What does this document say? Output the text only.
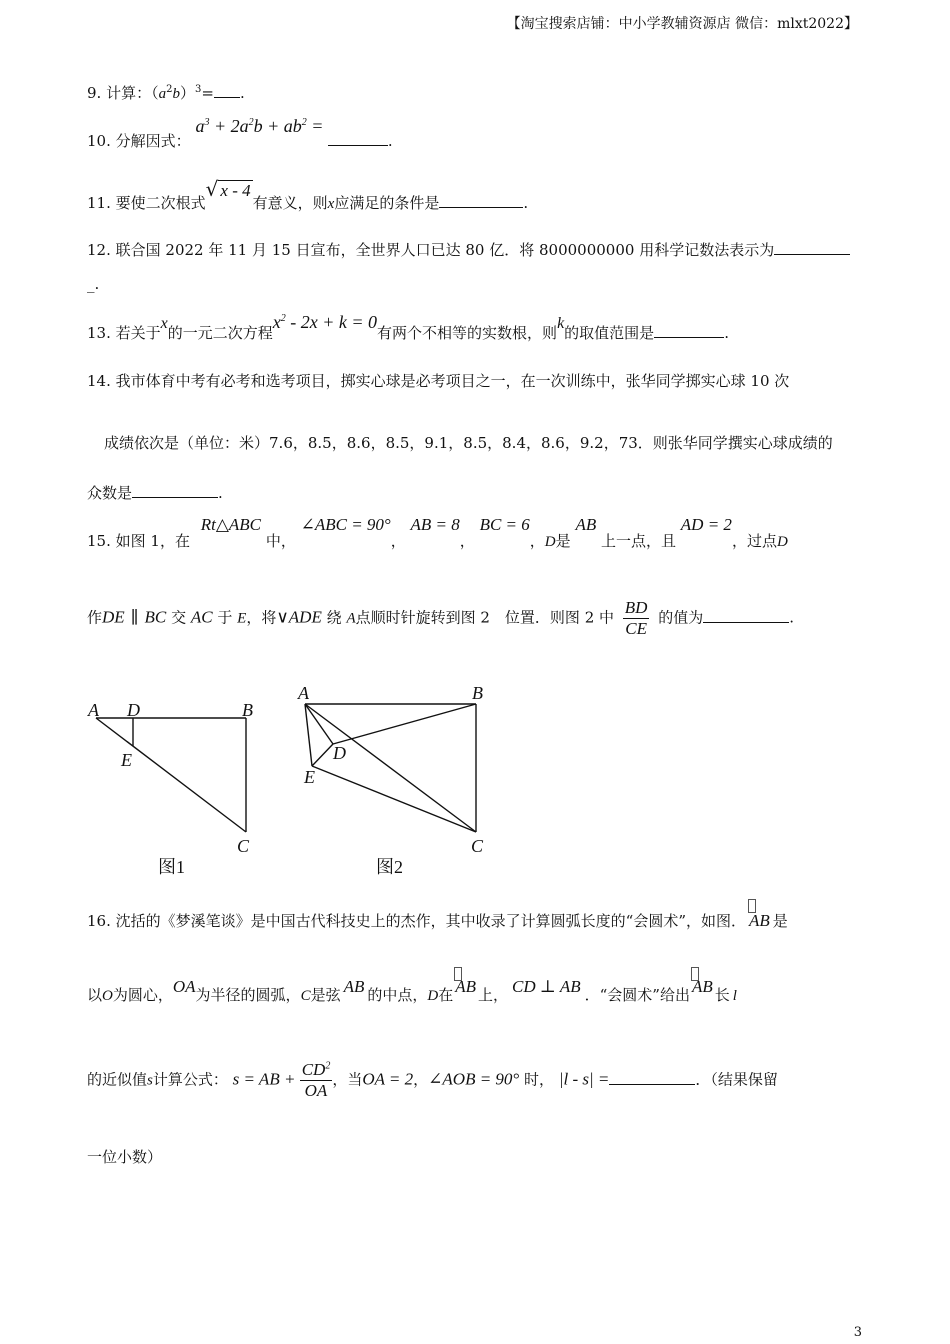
【淘宝搜索店铺：中小学教辅资源店 微信：mlxt2022】
9. 计算：$(a^2b)^3=$ .
10. 分解因式： $a^3 + 2a^2b + ab^2$ = .
11. 要使二次根式√ x - 4有意义，则x应满足的条件是	.
12. 联合国 2022 年 11 月 15 日宣布，全世界人口已达 80 亿．将 8000000000 用科学记数法表示为
_.
13. 若关于x的一元二次方程$x^2 - 2x + k = 0$有两个不相等的实数根，则k的取值范围是	.
14. 我市体育中考有必考和选考项目，掷实心球是必考项目之一，在一次训练中，张华同学掷实心球 10 次
成绩依次是（单位：米）7.6，8.5，8.6，8.5，9.1，8.5，8.4，8.6，9.2，73．则张华同学撰实心球成绩的
众数是	.
15. 如图 1，在 Rt△ABC 中， ∠ABC = 90°， AB = 8， BC = 6，D是 AB 上一点，且 AD = 2，过点D
作DE ∥ BC 交 AC 于 E，将∨ADE 绕 A点顺时针旋转到图 2　位置．则图 2 中 $\frac{BD}{CE}$ 的值为	.
A D	B
E
C
A	B
D
E
C
图1	图2
16. 沈括的《梦溪笔谈》是中国古代科技史上的杰作，其中收录了计算圆弧长度的“会圆术”，如图． AB 是
以O为圆心，OA为半径的圆弧，C是弦 AB 的中点，D在 AB 上， CD ⊥ AB ．“会圆术”给出 AB 长 l
的近似值s计算公式： s = AB + $\frac{CD^2}{OA}$ ，当OA = 2，∠AOB = 90° 时， |l - s| =	．（结果保留
一位小数）
3
